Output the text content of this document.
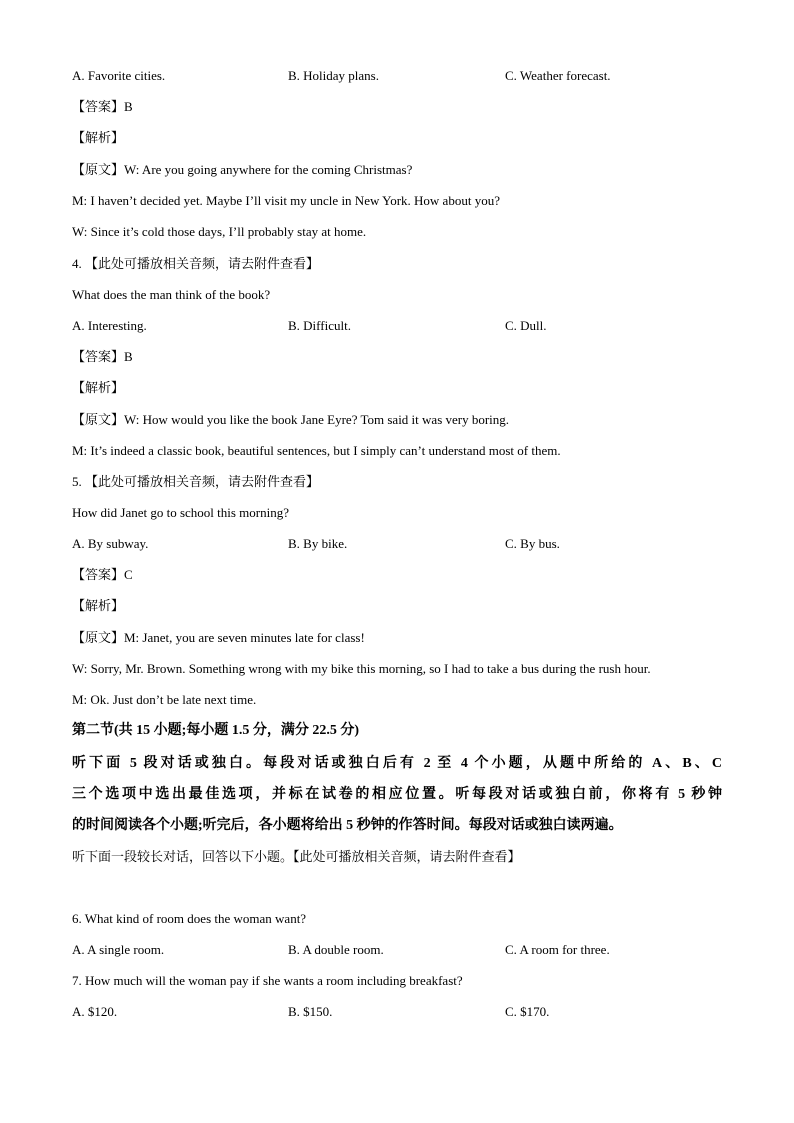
A. Favorite cities.	B. Holiday plans.	C. Weather forecast.
【答案】B
【解析】
【原文】W: Are you going anywhere for the coming Christmas?
M: I haven’t decided yet. Maybe I’ll visit my uncle in New York. How about you?
W: Since it’s cold those days, I’ll probably stay at home.
4. 【此处可播放相关音频，请去附件查看】
What does the man think of the book?
A. Interesting.	B. Difficult.	C. Dull.
【答案】B
【解析】
【原文】W: How would you like the book Jane Eyre? Tom said it was very boring.
M: It’s indeed a classic book, beautiful sentences, but I simply can’t understand most of them.
5. 【此处可播放相关音频，请去附件查看】
How did Janet go to school this morning?
A. By subway.	B. By bike.	C. By bus.
【答案】C
【解析】
【原文】M: Janet, you are seven minutes late for class!
W: Sorry, Mr. Brown. Something wrong with my bike this morning, so I had to take a bus during the rush hour.
M: Ok. Just don’t be late next time.
第二节(共 15 小题;每小题 1.5 分，满分 22.5 分)
听下面 5 段对话或独白。每段对话或独白后有 2 至 4 个小题，从题中所给的 A、B、C
三个选项中选出最佳选项，并标在试卷的相应位置。听每段对话或独白前，你将有 5 秒钟
的时间阅读各个小题;听完后，各小题将给出 5 秒钟的作答时间。每段对话或独白读两遍。
听下面一段较长对话，回答以下小题。【此处可播放相关音频，请去附件查看】
6. What kind of room does the woman want?
A. A single room.	B. A double room.	C. A room for three.
7. How much will the woman pay if she wants a room including breakfast?
A. $120.	B. $150.	C. $170.
